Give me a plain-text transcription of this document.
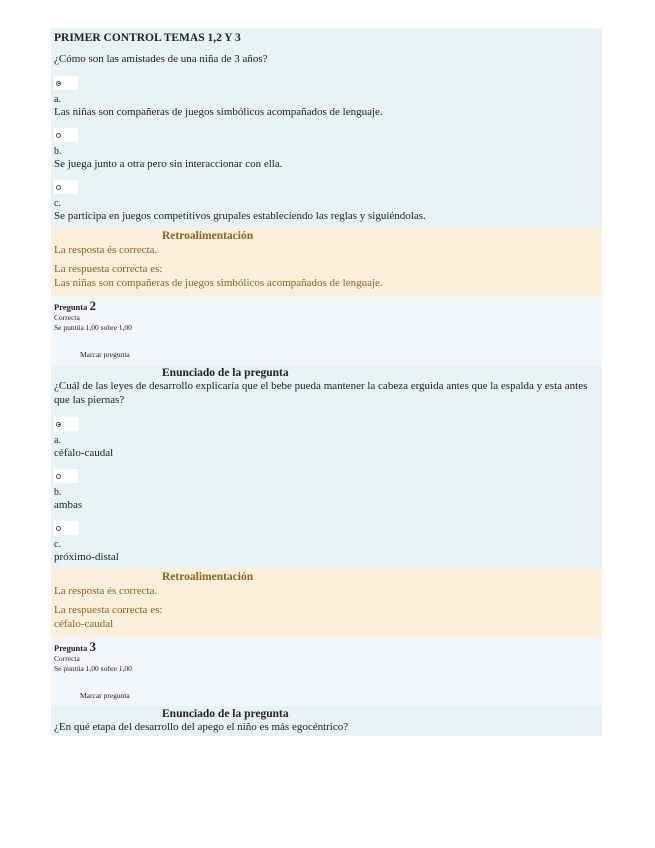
PRIMER CONTROL TEMAS 1,2 Y 3
¿Cómo son las amistades de una niña de 3 años?
a.
Las niñas son compañeras de juegos simbólicos acompañados de lenguaje.
b.
Se juega junto a otra pero sin interaccionar con ella.
c.
Se participa en juegos competitivos grupales estableciendo las reglas y siguiéndolas.
Retroalimentación
La resposta és correcta.
La respuesta correcta es:
Las niñas son compañeras de juegos simbólicos acompañados de lenguaje.
Pregunta 2
Correcta
Se puntúa 1,00 sobre 1,00
Marcar pregunta
Enunciado de la pregunta
¿Cuál de las leyes de desarrollo explicaría que el bebe pueda mantener la cabeza erguida antes que la espalda y esta antes que las piernas?
a.
céfalo-caudal
b.
ambas
c.
próximo-distal
Retroalimentación
La resposta és correcta.
La respuesta correcta es:
céfalo-caudal
Pregunta 3
Correcta
Se puntúa 1,00 sobre 1,00
Marcar pregunta
Enunciado de la pregunta
¿En qué etapa del desarrollo del apego el niño es más egocéntrico?
